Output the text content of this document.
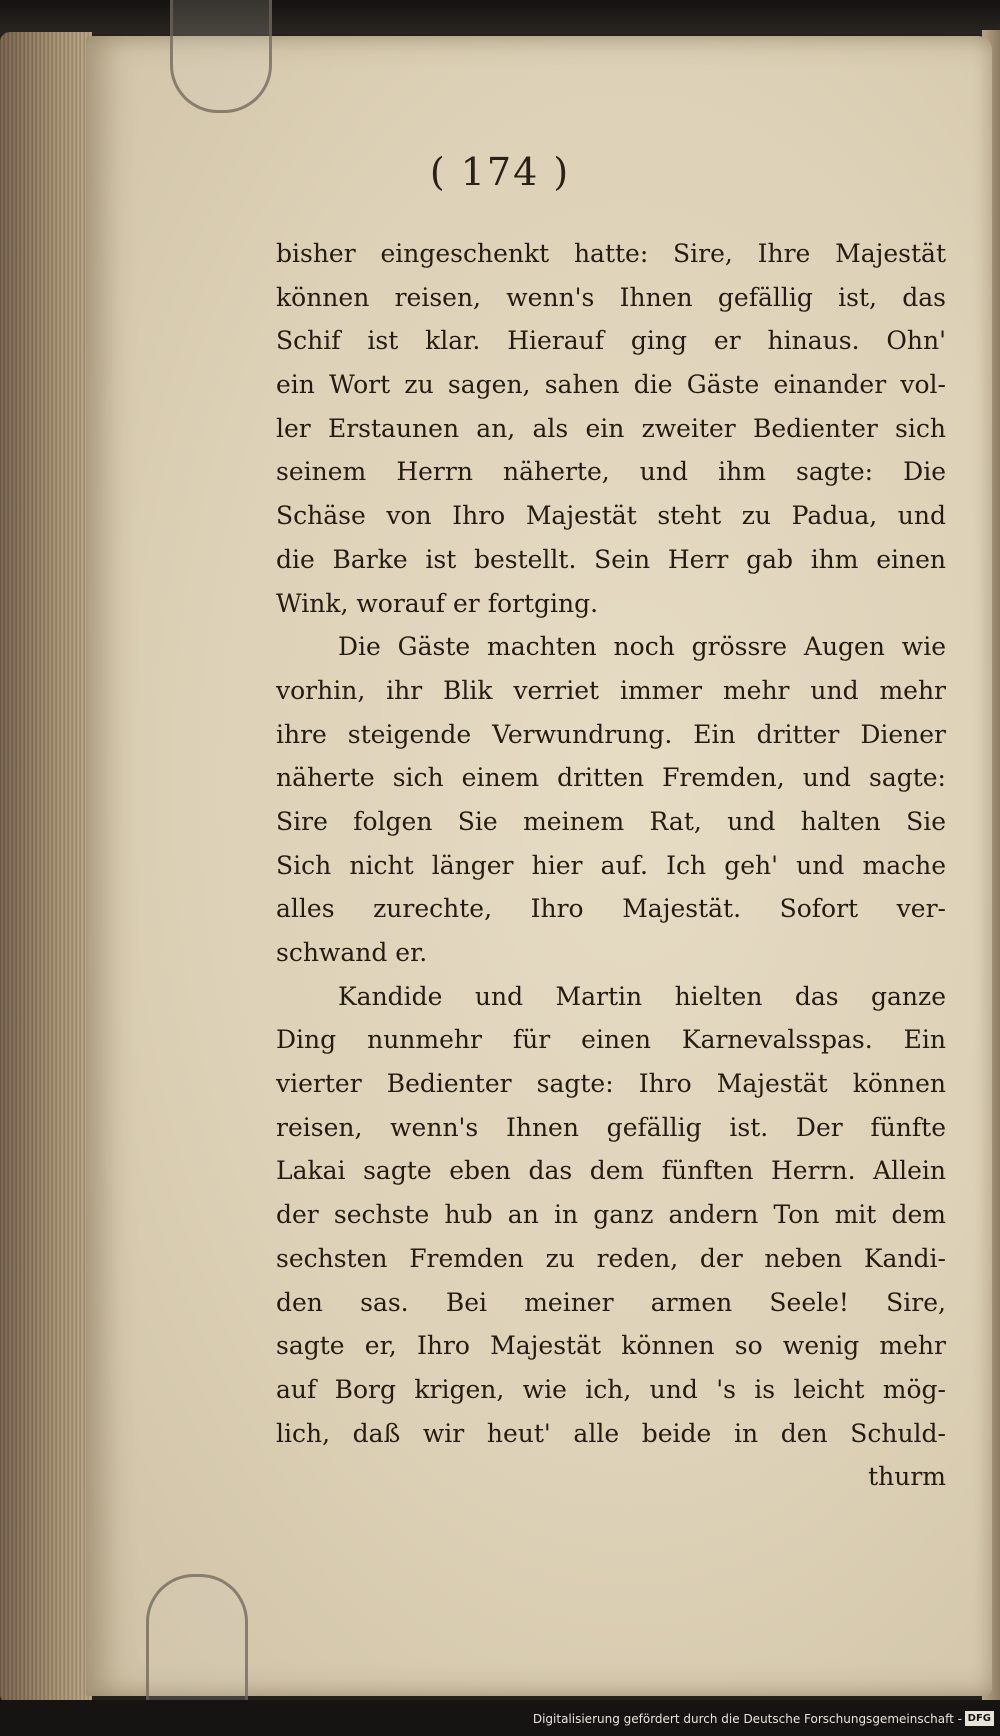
( 174 )
bisher eingeschenkt hatte: Sire, Ihre Majestät
können reisen, wenn's Ihnen gefällig ist, das
Schif ist klar. Hierauf ging er hinaus. Ohn'
ein Wort zu sagen, sahen die Gäste einander vol-
ler Erstaunen an, als ein zweiter Bedienter sich
seinem Herrn näherte, und ihm sagte: Die
Schäse von Ihro Majestät steht zu Padua, und
die Barke ist bestellt. Sein Herr gab ihm einen
Wink, worauf er fortging.
Die Gäste machten noch grössre Augen wie
vorhin, ihr Blik verriet immer mehr und mehr
ihre steigende Verwundrung. Ein dritter Diener
näherte sich einem dritten Fremden, und sagte:
Sire folgen Sie meinem Rat, und halten Sie
Sich nicht länger hier auf. Ich geh' und mache
alles zurechte, Ihro Majestät. Sofort ver-
schwand er.
Kandide und Martin hielten das ganze
Ding nunmehr für einen Karnevalsspas. Ein
vierter Bedienter sagte: Ihro Majestät können
reisen, wenn's Ihnen gefällig ist. Der fünfte
Lakai sagte eben das dem fünften Herrn. Allein
der sechste hub an in ganz andern Ton mit dem
sechsten Fremden zu reden, der neben Kandi-
den sas. Bei meiner armen Seele! Sire,
sagte er, Ihro Majestät können so wenig mehr
auf Borg krigen, wie ich, und 's is leicht mög-
lich, daß wir heut' alle beide in den Schuld-
thurm
Digitalisierung gefördert durch die Deutsche Forschungsgemeinschaft - DFG
